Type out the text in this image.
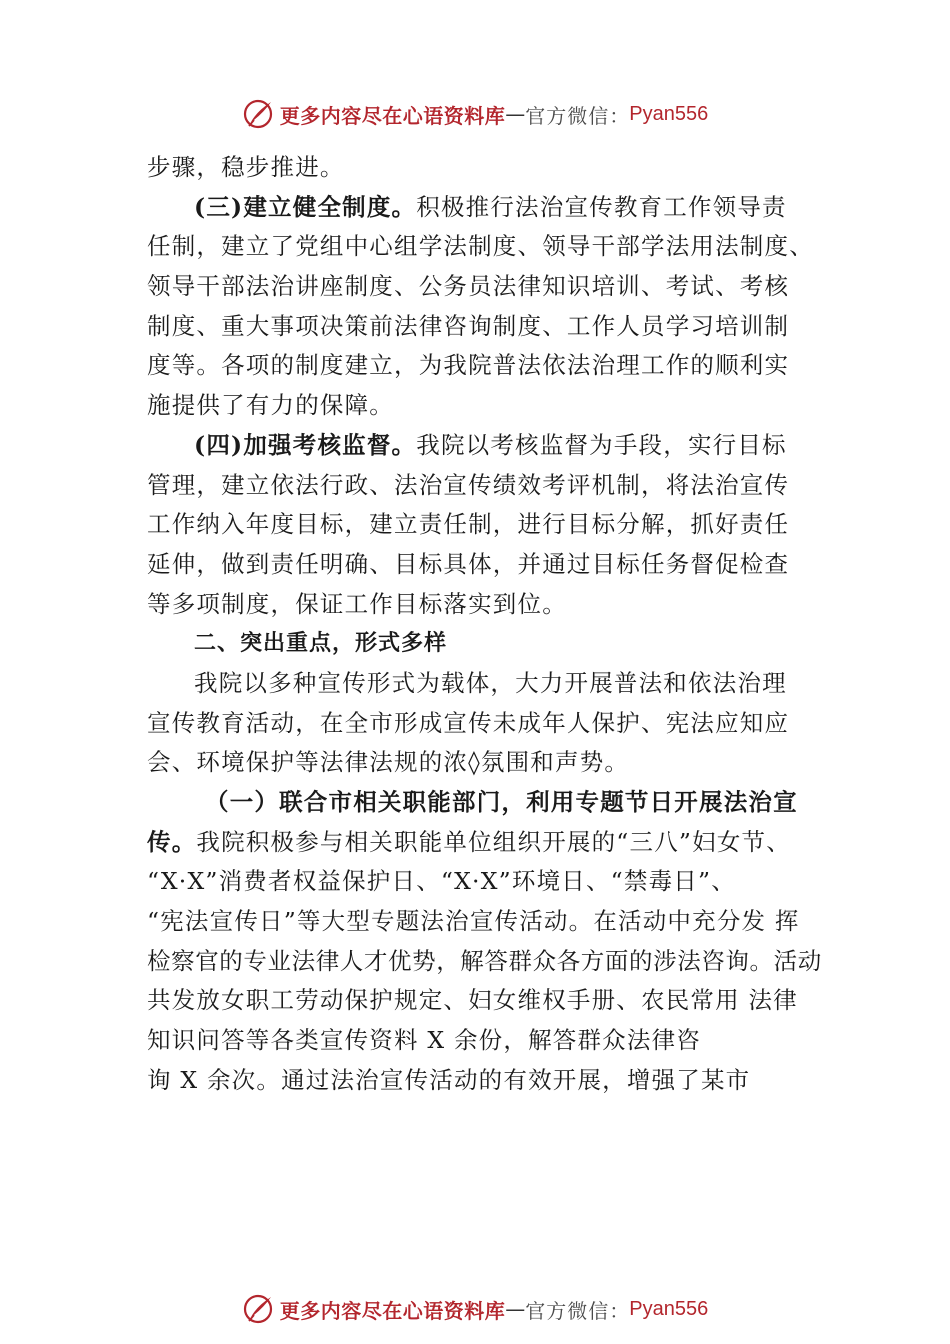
更多内容尽在心语资料库 — 官方微信 ： Pyan556
步骤，稳步推进。
(三)建立健全制度。积极推行法治宣传教育工作领导责
任制，建立了党组中心组学法制度、领导干部学法用法制度、
领导干部法治讲座制度、公务员法律知识培训、考试、考核
制度、重大事项决策前法律咨询制度、工作人员学习培训制
度等。各项的制度建立，为我院普法依法治理工作的顺利实
施提供了有力的保障。
(四)加强考核监督。我院以考核监督为手段，实行目标
管理，建立依法行政、法治宣传绩效考评机制，将法治宣传
工作纳入年度目标，建立责任制，进行目标分解，抓好责任
延伸，做到责任明确、目标具体，并通过目标任务督促检查
等多项制度，保证工作目标落实到位。
二、突出重点，形式多样
我院以多种宣传形式为载体，大力开展普法和依法治理
宣传教育活动，在全市形成宣传未成年人保护、宪法应知应
会、环境保护等法律法规的浓◊氛围和声势。
（一）联合市相关职能部门，利用专题节日开展法治宣
传。我院积极参与相关职能单位组织开展的“三八”妇女节、
“X·X”消费者权益保护日、“X·X”环境日、“禁毒日”、
“宪法宣传日”等大型专题法治宣传活动。在活动中充分发 挥
检察官的专业法律人才优势，解答群众各方面的涉法咨询。活动
共发放女职工劳动保护规定、妇女维权手册、农民常用 法律
知识问答等各类宣传资料 X 余份，解答群众法律咨
询 X 余次。通过法治宣传活动的有效开展，增强了某市
更多内容尽在心语资料库 — 官方微信 ： Pyan556
